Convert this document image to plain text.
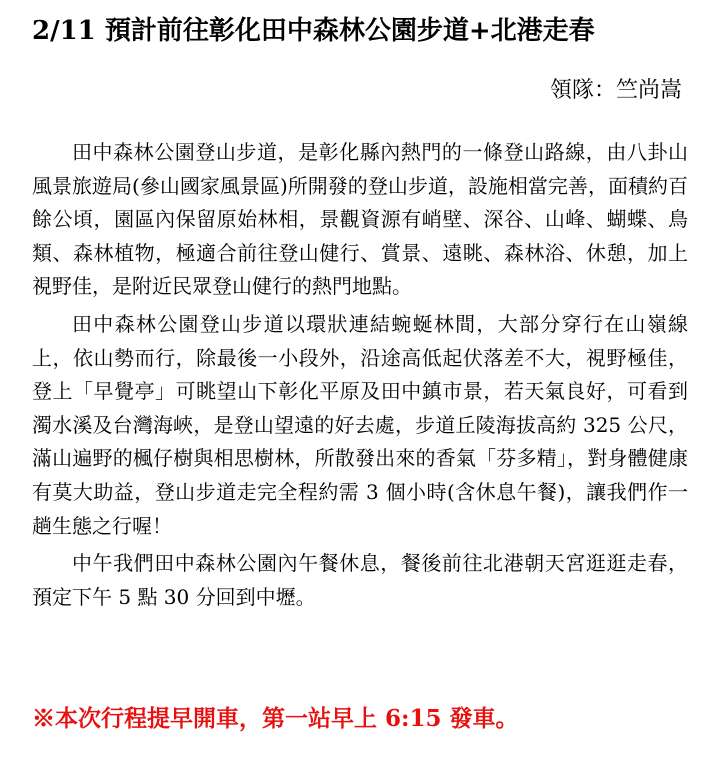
2/11 預計前往彰化田中森林公園步道+北港走春
領隊：竺尚嵩

田中森林公園登山步道，是彰化縣內熱門的一條登山路線，由八卦山風景旅遊局(參山國家風景區)所開發的登山步道，設施相當完善，面積約百餘公頃，園區內保留原始林相，景觀資源有峭壁、深谷、山峰、蝴蝶、鳥類、森林植物，極適合前往登山健行、賞景、遠眺、森林浴、休憩，加上視野佳，是附近民眾登山健行的熱門地點。

田中森林公園登山步道以環狀連結蜿蜒林間，大部分穿行在山嶺線上，依山勢而行，除最後一小段外，沿途高低起伏落差不大，視野極佳，登上「早覺亭」可眺望山下彰化平原及田中鎮市景，若天氣良好，可看到濁水溪及台灣海峽，是登山望遠的好去處，步道丘陵海拔高約 325 公尺，滿山遍野的楓仔樹與相思樹林，所散發出來的香氣「芬多精」，對身體健康有莫大助益，登山步道走完全程約需 3 個小時(含休息午餐)，讓我們作一趟生態之行喔！

中午我們田中森林公園內午餐休息，餐後前往北港朝天宮逛逛走春，預定下午 5 點 30 分回到中壢。

※本次行程提早開車，第一站早上 6:15 發車。
